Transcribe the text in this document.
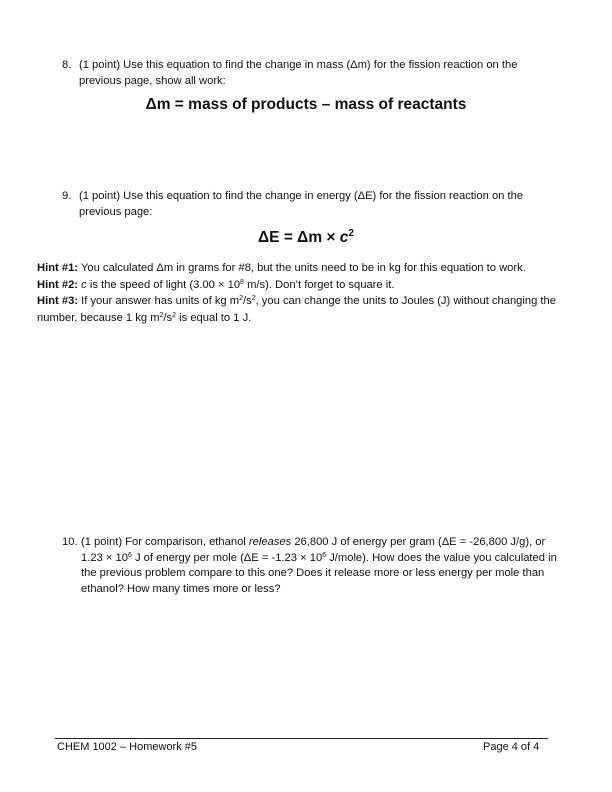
8. (1 point) Use this equation to find the change in mass (Δm) for the fission reaction on the previous page, show all work:
Δm = mass of products – mass of reactants
9. (1 point) Use this equation to find the change in energy (ΔE) for the fission reaction on the previous page:
$\Delta E = \Delta m \times c^2$
Hint #1: You calculated Δm in grams for #8, but the units need to be in kg for this equation to work.
Hint #2: c is the speed of light ($3.00 \times 10^8$ m/s). Don’t forget to square it.
Hint #3: If your answer has units of kg $m^2/s^2$, you can change the units to Joules (J) without changing the number, because 1 kg $m^2/s^2$ is equal to 1 J.
10. (1 point) For comparison, ethanol releases 26,800 J of energy per gram (ΔE = -26,800 J/g), or $1.23 \times 10^6$ J of energy per mole ($\Delta E = -1.23 \times 10^6$ J/mole). How does the value you calculated in the previous problem compare to this one? Does it release more or less energy per mole than ethanol? How many times more or less?
CHEM 1002 – Homework #5	Page 4 of 4
